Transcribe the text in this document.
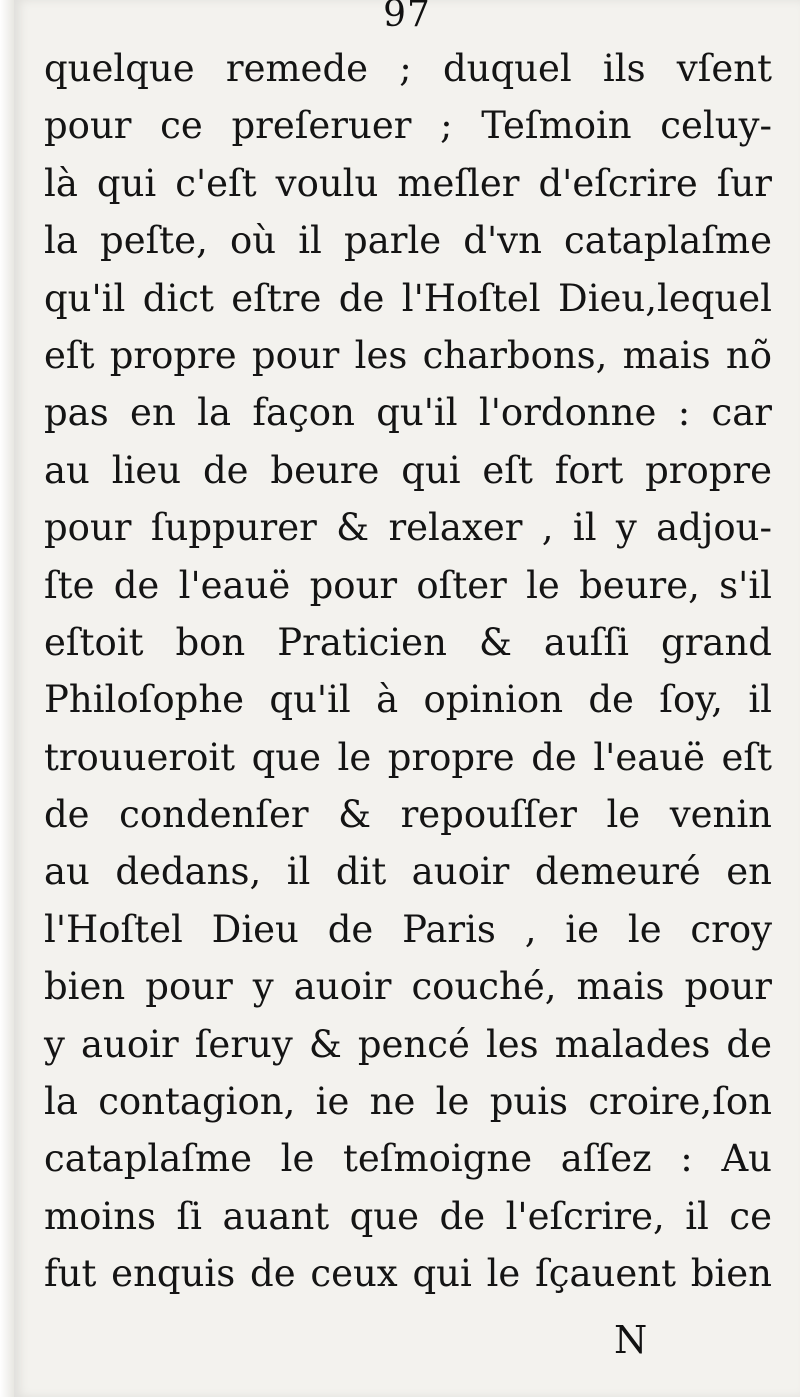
97
quelque remede ; duquel ils vſent
pour ce preſeruer ; Teſmoin celuy-
là qui c'eſt voulu meſler d'eſcrire ſur
la peſte, où il parle d'vn cataplaſme
qu'il dict eſtre de l'Hoſtel Dieu,lequel
eſt propre pour les charbons, mais nõ
pas en la façon qu'il l'ordonne : car
au lieu de beure qui eſt fort propre
pour ſuppurer & relaxer , il y adjou-
ſte de l'eauë pour oſter le beure, s'il
eſtoit bon Praticien & auſſi grand
Philoſophe qu'il à opinion de ſoy, il
trouueroit que le propre de l'eauë eſt
de condenſer & repouſſer le venin
au dedans, il dit auoir demeuré en
l'Hoſtel Dieu de Paris , ie le croy
bien pour y auoir couché, mais pour
y auoir ſeruy & pencé les malades de
la contagion, ie ne le puis croire,ſon
cataplaſme le teſmoigne aſſez : Au
moins ſi auant que de l'eſcrire, il ce
fut enquis de ceux qui le ſçauent bien
N
